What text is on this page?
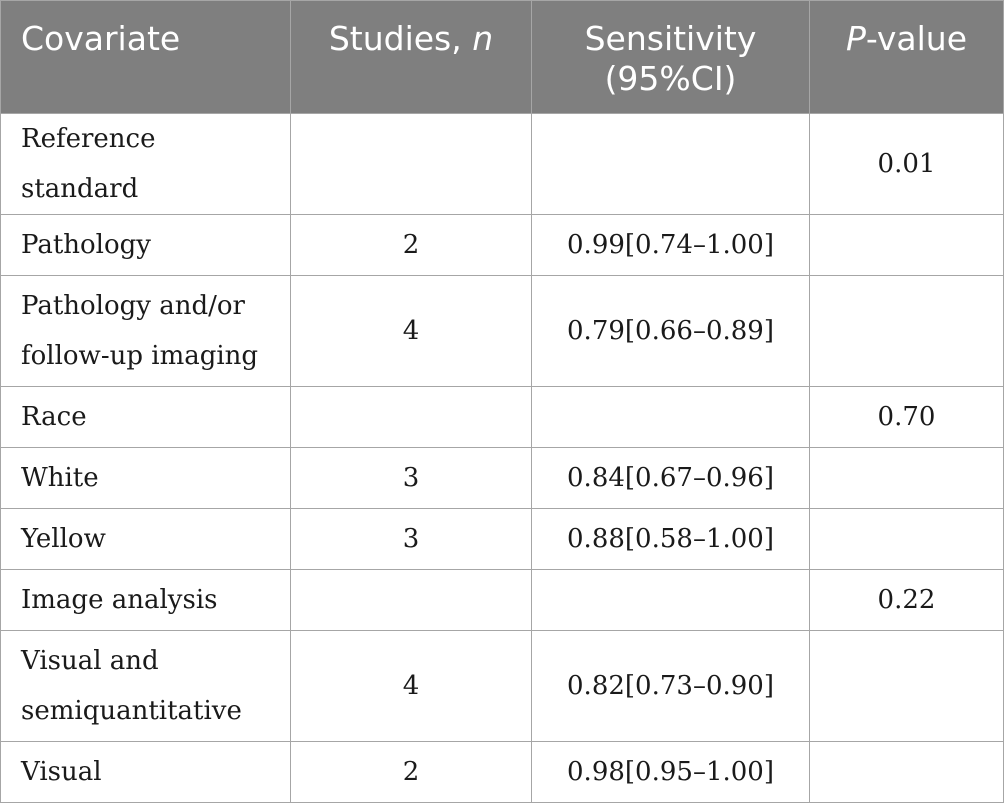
Covariate	Studies, n	Sensitivity (95%CI)	P-value
Reference standard			0.01
Pathology	2	0.99[0.74–1.00]	
Pathology and/or follow-up imaging	4	0.79[0.66–0.89]	
Race			0.70
White	3	0.84[0.67–0.96]	
Yellow	3	0.88[0.58–1.00]	
Image analysis			0.22
Visual and semiquantitative	4	0.82[0.73–0.90]	
Visual	2	0.98[0.95–1.00]	
